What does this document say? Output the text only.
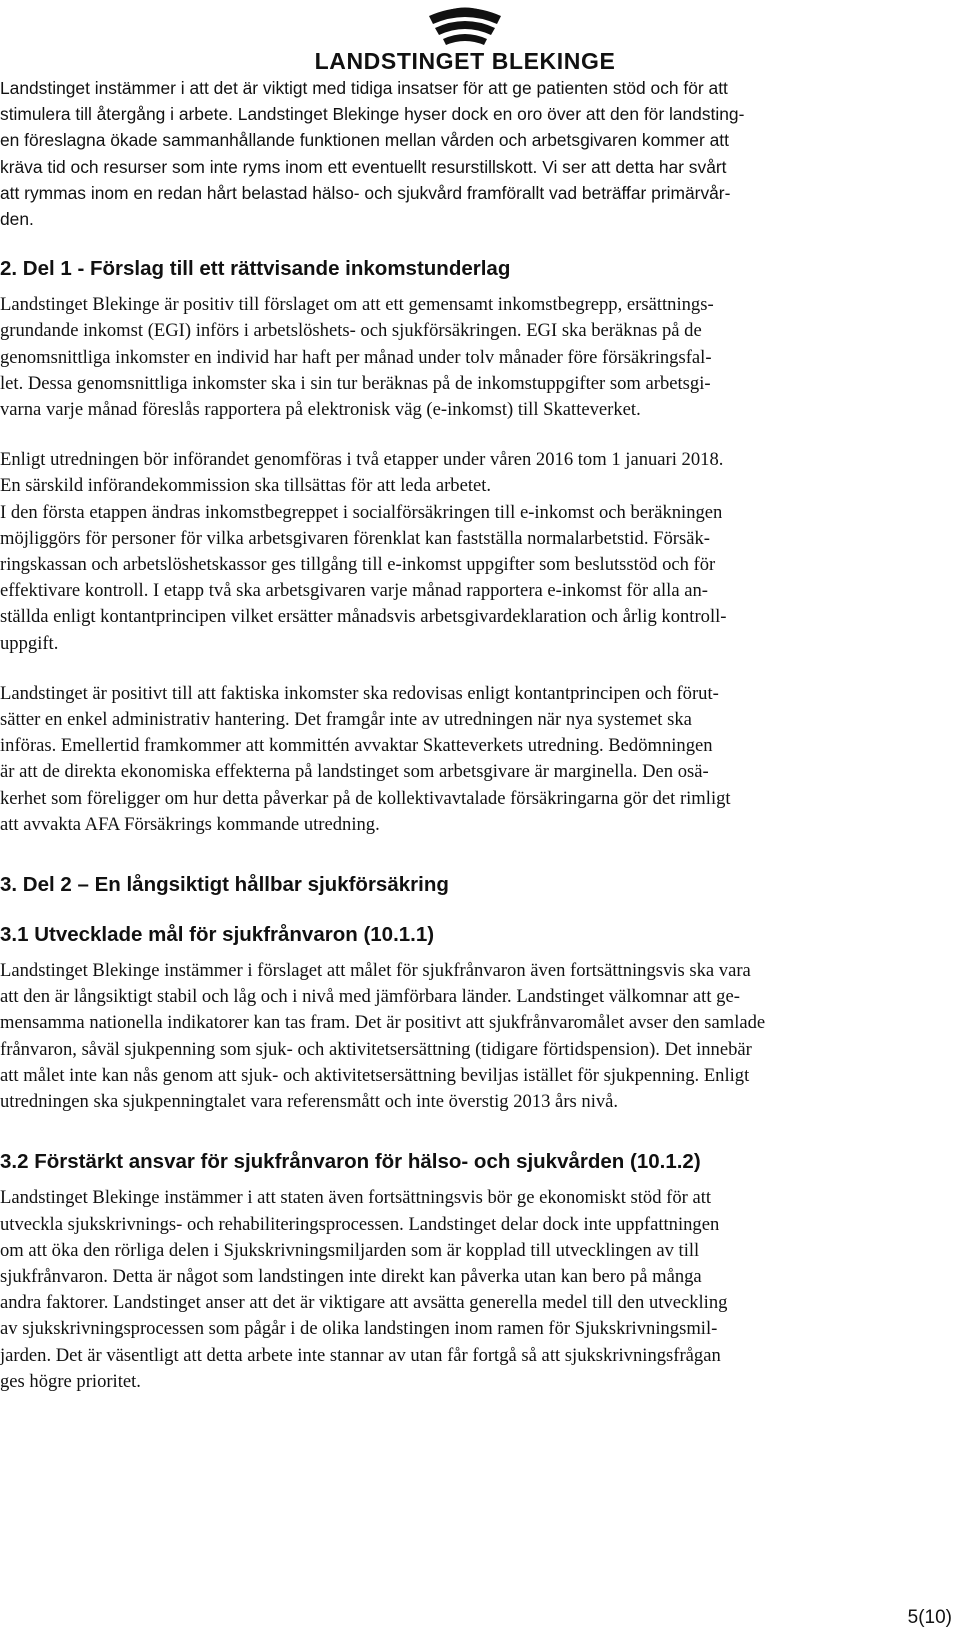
LANDSTINGET BLEKINGE

Landstinget instämmer i att det är viktigt med tidiga insatser för att ge patienten stöd och för att
stimulera till återgång i arbete. Landstinget Blekinge hyser dock en oro över att den för landsting-
en föreslagna ökade sammanhållande funktionen mellan vården och arbetsgivaren kommer att
kräva tid och resurser som inte ryms inom ett eventuellt resurstillskott. Vi ser att detta har svårt
att rymmas inom en redan hårt belastad hälso- och sjukvård framförallt vad beträffar primärvår-
den.

2. Del 1 - Förslag till ett rättvisande inkomstunderlag

Landstinget Blekinge är positiv till förslaget om att ett gemensamt inkomstbegrepp, ersättnings-
grundande inkomst (EGI) införs i arbetslöshets- och sjukförsäkringen. EGI ska beräknas på de
genomsnittliga inkomster en individ har haft per månad under tolv månader före försäkringsfal-
let. Dessa genomsnittliga inkomster ska i sin tur beräknas på de inkomstuppgifter som arbetsgi-
varna varje månad föreslås rapportera på elektronisk väg (e-inkomst) till Skatteverket.

Enligt utredningen bör införandet genomföras i två etapper under våren 2016 tom 1 januari 2018.
En särskild införandekommission ska tillsättas för att leda arbetet.
I den första etappen ändras inkomstbegreppet i socialförsäkringen till e-inkomst och beräkningen
möjliggörs för personer för vilka arbetsgivaren förenklat kan fastställa normalarbetstid. Försäk-
ringskassan och arbetslöshetskassor ges tillgång till e-inkomst uppgifter som beslutsstöd och för
effektivare kontroll. I etapp två ska arbetsgivaren varje månad rapportera e-inkomst för alla an-
ställda enligt kontantprincipen vilket ersätter månadsvis arbetsgivardeklaration och årlig kontroll-
uppgift.

Landstinget är positivt till att faktiska inkomster ska redovisas enligt kontantprincipen och förut-
sätter en enkel administrativ hantering. Det framgår inte av utredningen när nya systemet ska
införas. Emellertid framkommer att kommittén avvaktar Skatteverkets utredning. Bedömningen
är att de direkta ekonomiska effekterna på landstinget som arbetsgivare är marginella. Den osä-
kerhet som föreligger om hur detta påverkar på de kollektivavtalade försäkringarna gör det rimligt
att avvakta AFA Försäkrings kommande utredning.

3. Del 2 – En långsiktigt hållbar sjukförsäkring
3.1 Utvecklade mål för sjukfrånvaron (10.1.1)

Landstinget Blekinge instämmer i förslaget att målet för sjukfrånvaron även fortsättningsvis ska vara
att den är långsiktigt stabil och låg och i nivå med jämförbara länder. Landstinget välkomnar att ge-
mensamma nationella indikatorer kan tas fram. Det är positivt att sjukfrånvaromålet avser den samlade
frånvaron, såväl sjukpenning som sjuk- och aktivitetsersättning (tidigare förtidspension). Det innebär
att målet inte kan nås genom att sjuk- och aktivitetsersättning beviljas istället för sjukpenning. Enligt
utredningen ska sjukpenningtalet vara referensmått och inte överstig 2013 års nivå.

3.2 Förstärkt ansvar för sjukfrånvaron för hälso- och sjukvården (10.1.2)

Landstinget Blekinge instämmer i att staten även fortsättningsvis bör ge ekonomiskt stöd för att
utveckla sjukskrivnings- och rehabiliteringsprocessen. Landstinget delar dock inte uppfattningen
om att öka den rörliga delen i Sjukskrivningsmiljarden som är kopplad till utvecklingen av till
sjukfrånvaron. Detta är något som landstingen inte direkt kan påverka utan kan bero på många
andra faktorer. Landstinget anser att det är viktigare att avsätta generella medel till den utveckling
av sjukskrivningsprocessen som pågår i de olika landstingen inom ramen för Sjukskrivningsmil-
jarden. Det är väsentligt att detta arbete inte stannar av utan får fortgå så att sjukskrivningsfrågan
ges högre prioritet.

5(10)
